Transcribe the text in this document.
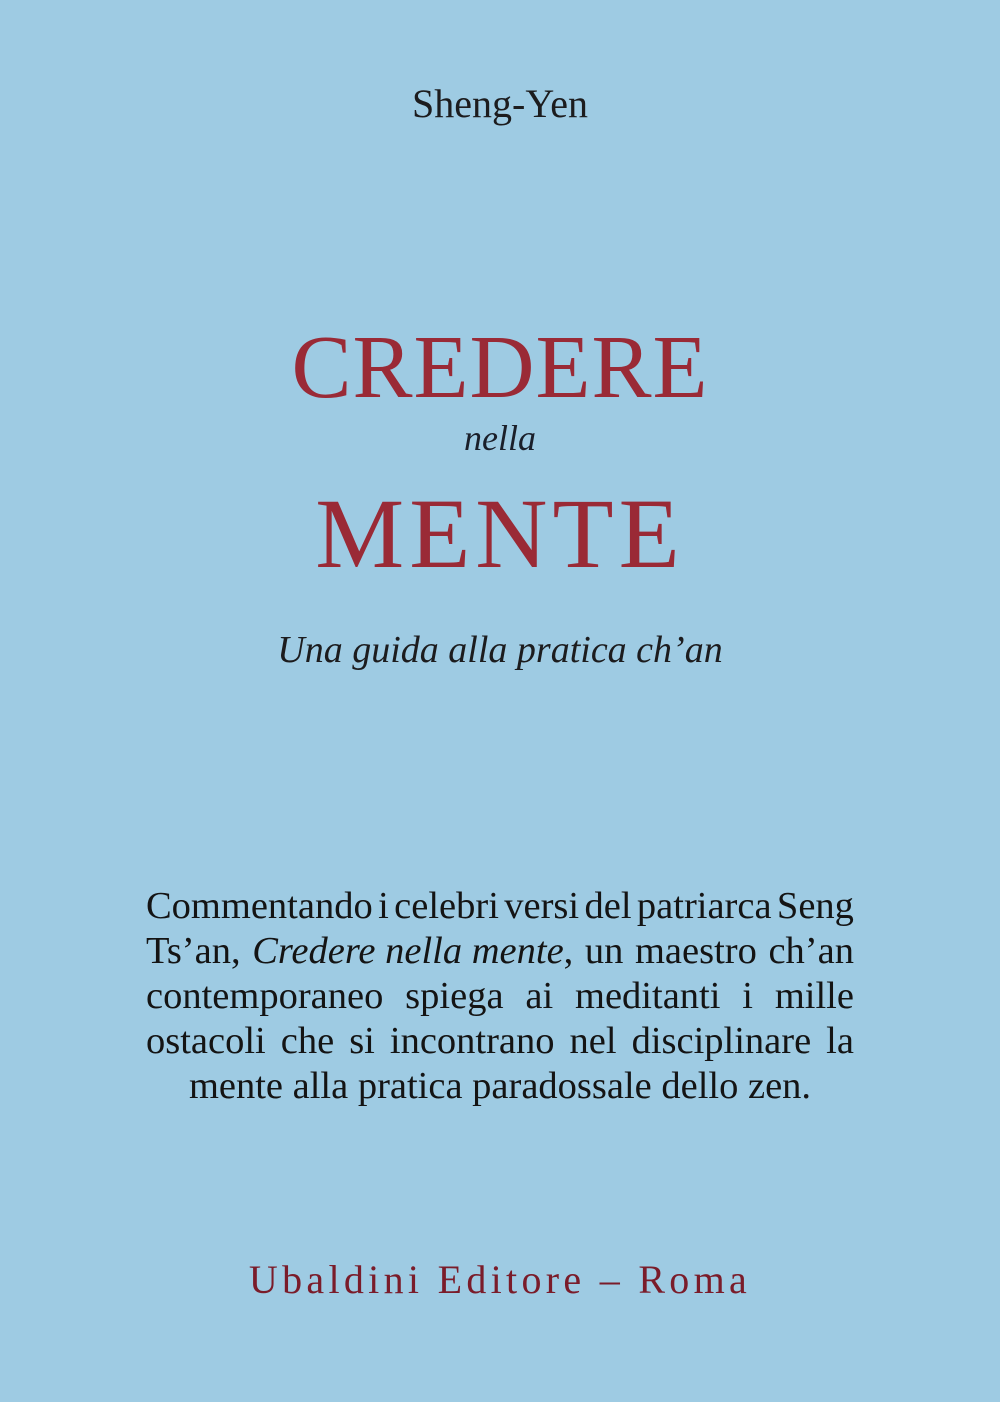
Sheng-Yen
CREDERE
nella
MENTE
Una guida alla pratica ch’an
Commentando i celebri versi del patriarca Seng
Ts’an, Credere nella mente, un maestro ch’an
contemporaneo spiega ai meditanti i mille
ostacoli che si incontrano nel disciplinare la
mente alla pratica paradossale dello zen.
Ubaldini Editore – Roma
